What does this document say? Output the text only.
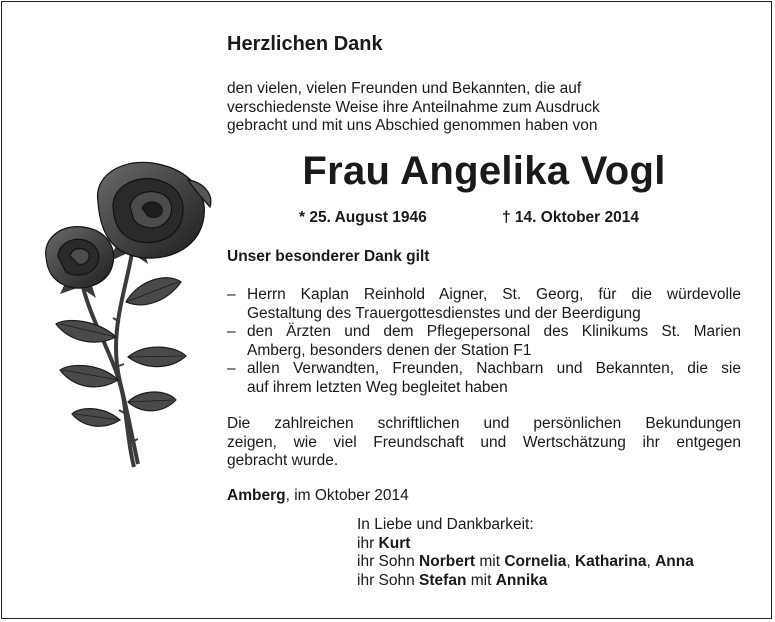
Herzlichen Dank
den vielen, vielen Freunden und Bekannten, die auf
verschiedenste Weise ihre Anteilnahme zum Ausdruck
gebracht und mit uns Abschied genommen haben von
Frau Angelika Vogl
* 25. August 1946	† 14. Oktober 2014
Unser besonderer Dank gilt
– Herrn Kaplan Reinhold Aigner, St. Georg, für die würdevolle
Gestaltung des Trauergottesdienstes und der Beerdigung
– den Ärzten und dem Pflegepersonal des Klinikums St. Marien
Amberg, besonders denen der Station F1
– allen Verwandten, Freunden, Nachbarn und Bekannten, die sie
auf ihrem letzten Weg begleitet haben
Die zahlreichen schriftlichen und persönlichen Bekundungen
zeigen, wie viel Freundschaft und Wertschätzung ihr entgegen
gebracht wurde.
Amberg, im Oktober 2014
In Liebe und Dankbarkeit:
ihr Kurt
ihr Sohn Norbert mit Cornelia, Katharina, Anna
ihr Sohn Stefan mit Annika
